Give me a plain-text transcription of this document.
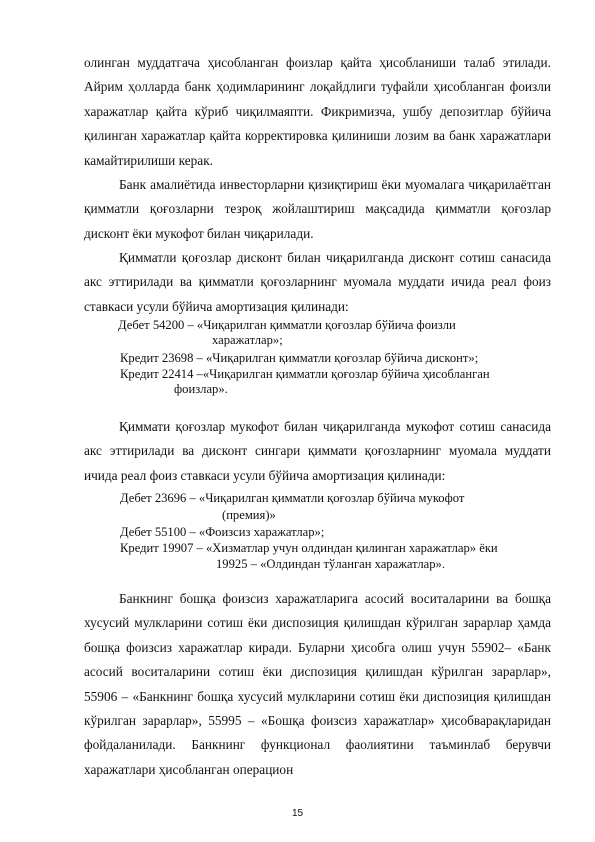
олинган муддатгача ҳисобланган фоизлар қайта ҳисобланиши талаб этилади. Айрим ҳолларда банк ҳодимларининг лоқайдлиги туфайли ҳисобланган фоизли харажатлар қайта кўриб чиқилмаяпти. Фикримизча, ушбу депозитлар бўйича қилинган харажатлар қайта корректировка қилиниши лозим ва банк харажатлари камайтирилиши керак.

Банк амалиётида инвесторларни қизиқтириш ёки муомалага чиқарилаётган қимматли қоғозларни тезроқ жойлаштириш мақсадида қимматли қоғозлар дисконт ёки мукофот билан чиқарилади.

Қимматли қоғозлар дисконт билан чиқарилганда дисконт сотиш санасида акс эттирилади ва қимматли қоғозларнинг муомала муддати ичида реал фоиз ставкаси усули бўйича амортизация қилинади:

Дебет 54200 – «Чиқарилган қимматли қоғозлар бўйича фоизли

харажатлар»;

Кредит 23698 – «Чиқарилган қимматли қоғозлар бўйича дисконт»;

Кредит 22414 –«Чиқарилган қимматли қоғозлар бўйича ҳисобланган

фоизлар».

Қиммати қоғозлар мукофот билан чиқарилганда мукофот сотиш санасида акс эттирилади ва дисконт сингари қиммати қоғозларнинг муомала муддати ичида реал фоиз ставкаси усули бўйича амортизация қилинади:

Дебет 23696 – «Чиқарилган қимматли қоғозлар бўйича мукофот

(премия)»

Дебет 55100 – «Фоизсиз харажатлар»;

Кредит 19907 – «Хизматлар учун олдиндан қилинган харажатлар» ёки

19925 – «Олдиндан тўланган харажатлар».

Банкнинг бошқа фоизсиз харажатларига асосий воситаларини ва бошқа хусусий мулкларини сотиш ёки диспозиция қилишдан кўрилган зарарлар ҳамда бошқа фоизсиз харажатлар киради. Буларни ҳисобга олиш учун 55902– «Банк асосий воситаларини сотиш ёки диспозиция қилишдан кўрилган зарарлар», 55906 – «Банкнинг бошқа хусусий мулкларини сотиш ёки диспозиция қилишдан кўрилган зарарлар», 55995 – «Бошқа фоизсиз харажатлар» ҳисобварақларидан фойдаланилади. Банкнинг функционал фаолиятини таъминлаб берувчи харажатлари ҳисобланган операцион

15
